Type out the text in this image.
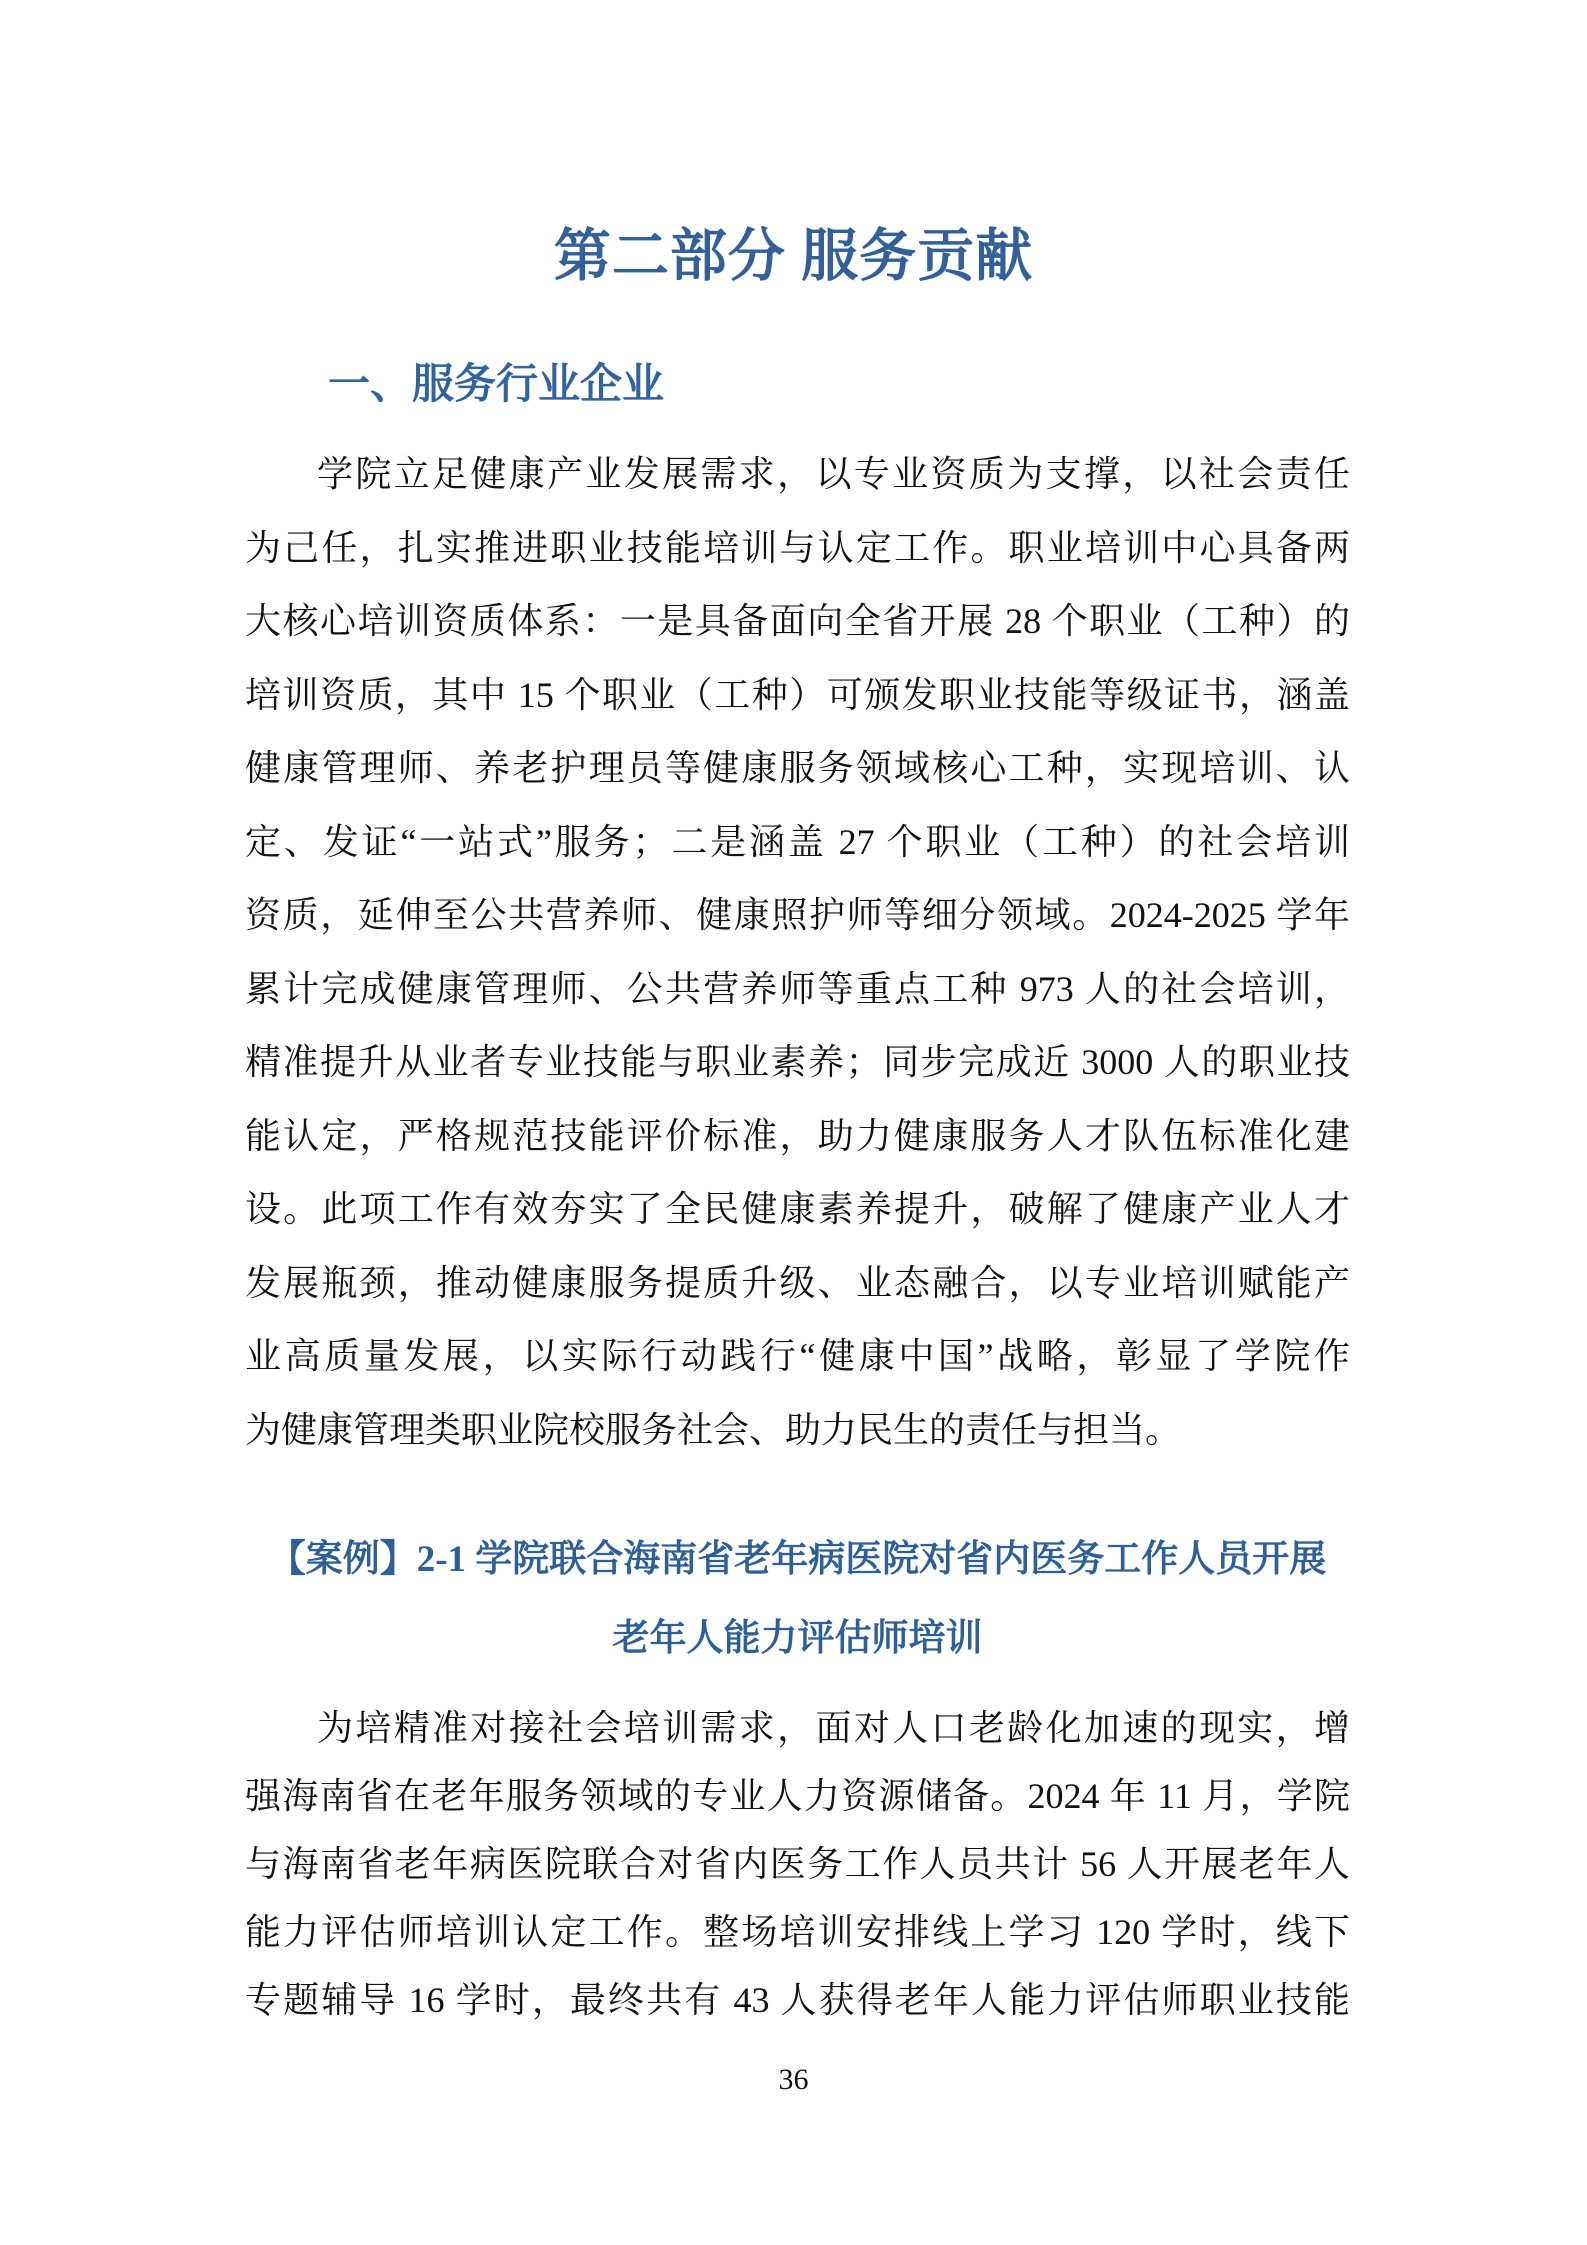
第二部分 服务贡献
一、服务行业企业
学院立足健康产业发展需求，以专业资质为支撑，以社会责任
为己任，扎实推进职业技能培训与认定工作。职业培训中心具备两
大核心培训资质体系：一是具备面向全省开展 28 个职业（工种）的
培训资质，其中 15 个职业（工种）可颁发职业技能等级证书，涵盖
健康管理师、养老护理员等健康服务领域核心工种，实现培训、认
定、发证“一站式”服务；二是涵盖 27 个职业（工种）的社会培训
资质，延伸至公共营养师、健康照护师等细分领域。2024-2025 学年
累计完成健康管理师、公共营养师等重点工种 973 人的社会培训，
精准提升从业者专业技能与职业素养；同步完成近 3000 人的职业技
能认定，严格规范技能评价标准，助力健康服务人才队伍标准化建
设。此项工作有效夯实了全民健康素养提升，破解了健康产业人才
发展瓶颈，推动健康服务提质升级、业态融合，以专业培训赋能产
业高质量发展，以实际行动践行“健康中国”战略，彰显了学院作
为健康管理类职业院校服务社会、助力民生的责任与担当。
【案例】2-1 学院联合海南省老年病医院对省内医务工作人员开展
老年人能力评估师培训
为培精准对接社会培训需求，面对人口老龄化加速的现实，增
强海南省在老年服务领域的专业人力资源储备。2024 年 11 月，学院
与海南省老年病医院联合对省内医务工作人员共计 56 人开展老年人
能力评估师培训认定工作。整场培训安排线上学习 120 学时，线下
专题辅导 16 学时，最终共有 43 人获得老年人能力评估师职业技能
36
